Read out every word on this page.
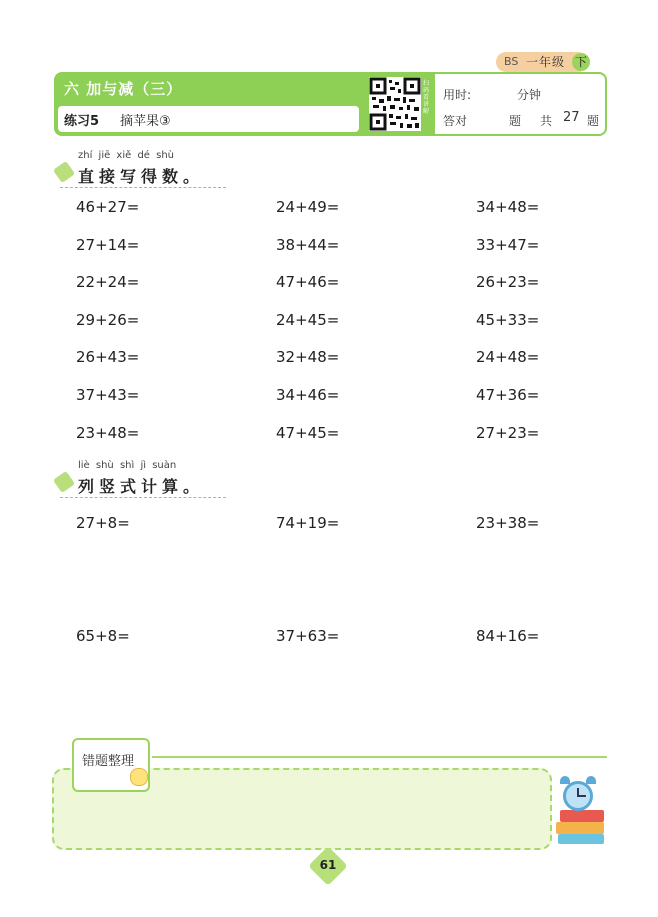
BS 一年级 下
六 加与减（三）
练习5 摘苹果③
扫码看讲解
用时:	分钟
答对	题 共 27 题
zhí jiē xiě dé shù
直接写得数。
46+27=	24+49=	34+48=
27+14=	38+44=	33+47=
22+24=	47+46=	26+23=
29+26=	24+45=	45+33=
26+43=	32+48=	24+48=
37+43=	34+46=	47+36=
23+48=	47+45=	27+23=
liè shù shì jì suàn
列竖式计算。
27+8=	74+19=	23+38=
65+8=	37+63=	84+16=
错题整理
61
